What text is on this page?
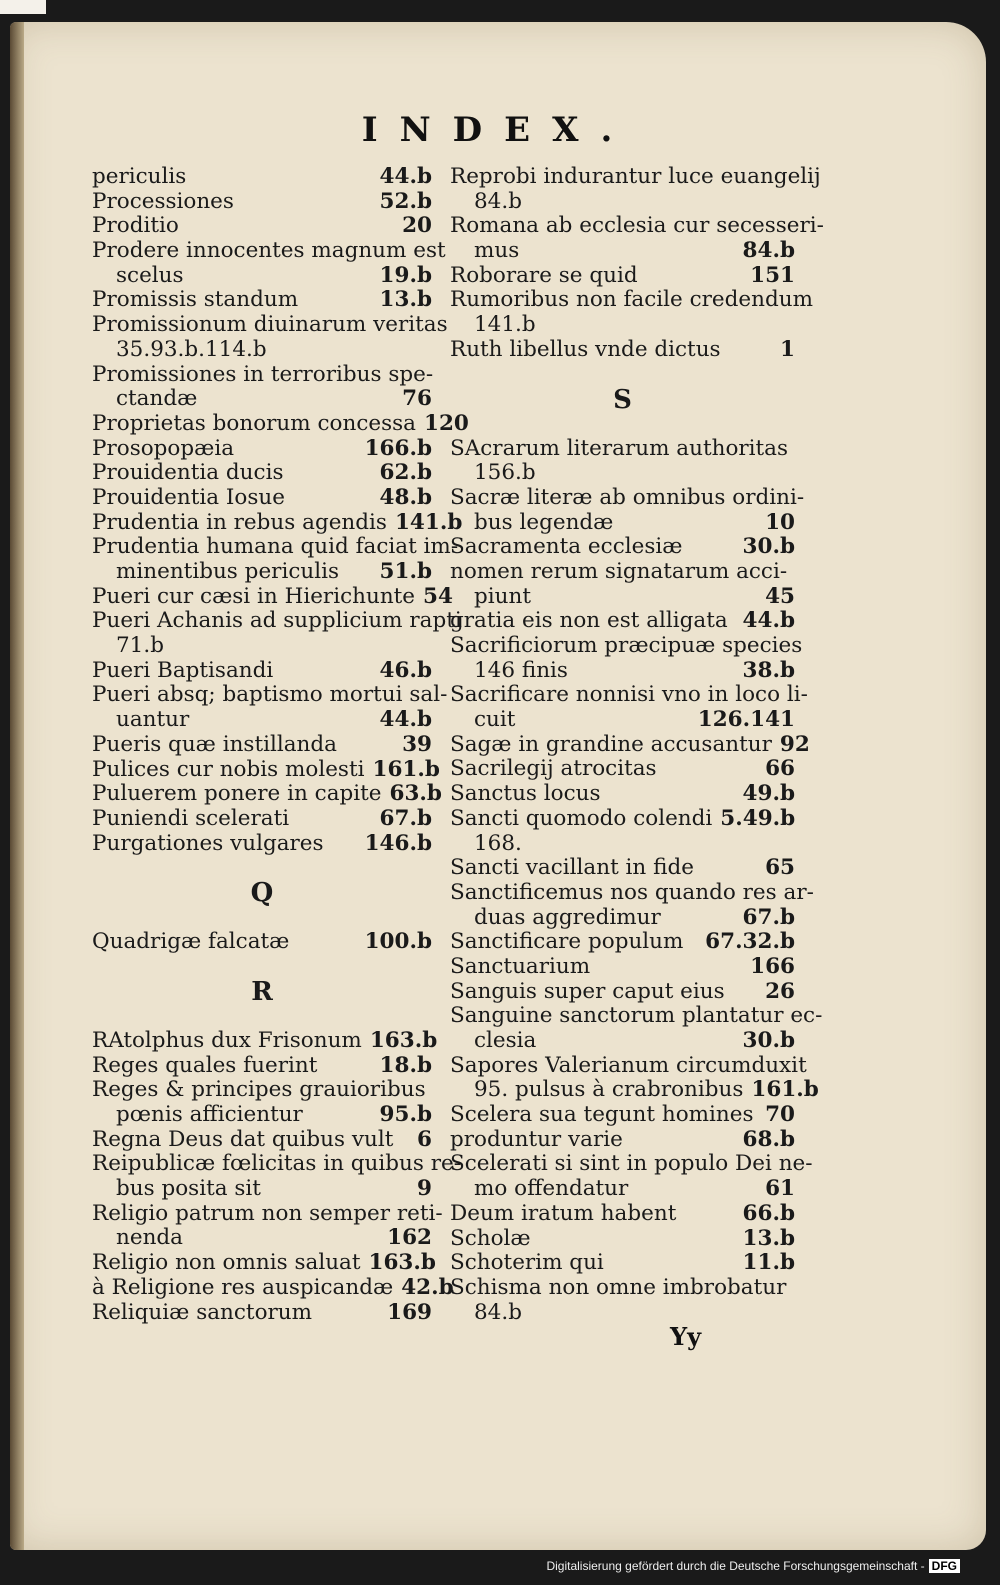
INDEX.
periculis	44.b
Processiones	52.b
Proditio	20
Prodere innocentes magnum est
scelus	19.b
Promissis standum	13.b
Promissionum diuinarum veritas
35.93.b.114.b
Promissiones in terroribus spe-
ctandæ	76
Proprietas bonorum concessa 120
Prosopopæia	166.b
Prouidentia ducis	62.b
Prouidentia Iosue	48.b
Prudentia in rebus agendis 141.b
Prudentia humana quid faciat im-
minentibus periculis	51.b
Pueri cur cæsi in Hierichunte 54
Pueri Achanis ad supplicium rapti
71.b
Pueri Baptisandi	46.b
Pueri absq; baptismo mortui sal-
uantur	44.b
Pueris quæ instillanda	39
Pulices cur nobis molesti 161.b
Puluerem ponere in capite 63.b
Puniendi scelerati	67.b
Purgationes vulgares	146.b
Q
Quadrigæ falcatæ	100.b
R
RAtolphus dux Frisonum 163.b
Reges quales fuerint	18.b
Reges & principes grauioribus
pœnis afficientur	95.b
Regna Deus dat quibus vult	6
Reipublicæ fœlicitas in quibus re-
bus posita sit	9
Religio patrum non semper reti-
nenda	162
Religio non omnis saluat 163.b
à Religione res auspicandæ 42.b
Reliquiæ sanctorum	169
Reprobi indurantur luce euangelij
84.b
Romana ab ecclesia cur secesseri-
mus	84.b
Roborare se quid	151
Rumoribus non facile credendum
141.b
Ruth libellus vnde dictus	1
S
SAcrarum literarum authoritas
156.b
Sacræ literæ ab omnibus ordini-
bus legendæ	10
Sacramenta ecclesiæ	30.b
nomen rerum signatarum acci-
piunt	45
gratia eis non est alligata 44.b
Sacrificiorum præcipuæ species
146 finis	38.b
Sacrificare nonnisi vno in loco li-
cuit	126.141
Sagæ in grandine accusantur 92
Sacrilegij atrocitas	66
Sanctus locus	49.b
Sancti quomodo colendi 5.49.b
168.
Sancti vacillant in fide	65
Sanctificemus nos quando res ar-
duas aggredimur	67.b
Sanctificare populum	67.32.b
Sanctuarium	166
Sanguis super caput eius	26
Sanguine sanctorum plantatur ec-
clesia	30.b
Sapores Valerianum circumduxit
95. pulsus à crabronibus 161.b
Scelera sua tegunt homines 70
produntur varie	68.b
Scelerati si sint in populo Dei ne-
mo offendatur	61
Deum iratum habent	66.b
Scholæ	13.b
Schoterim qui	11.b
Schisma non omne imbrobatur
84.b
Yy
Digitalisierung gefördert durch die Deutsche Forschungsgemeinschaft - DFG
